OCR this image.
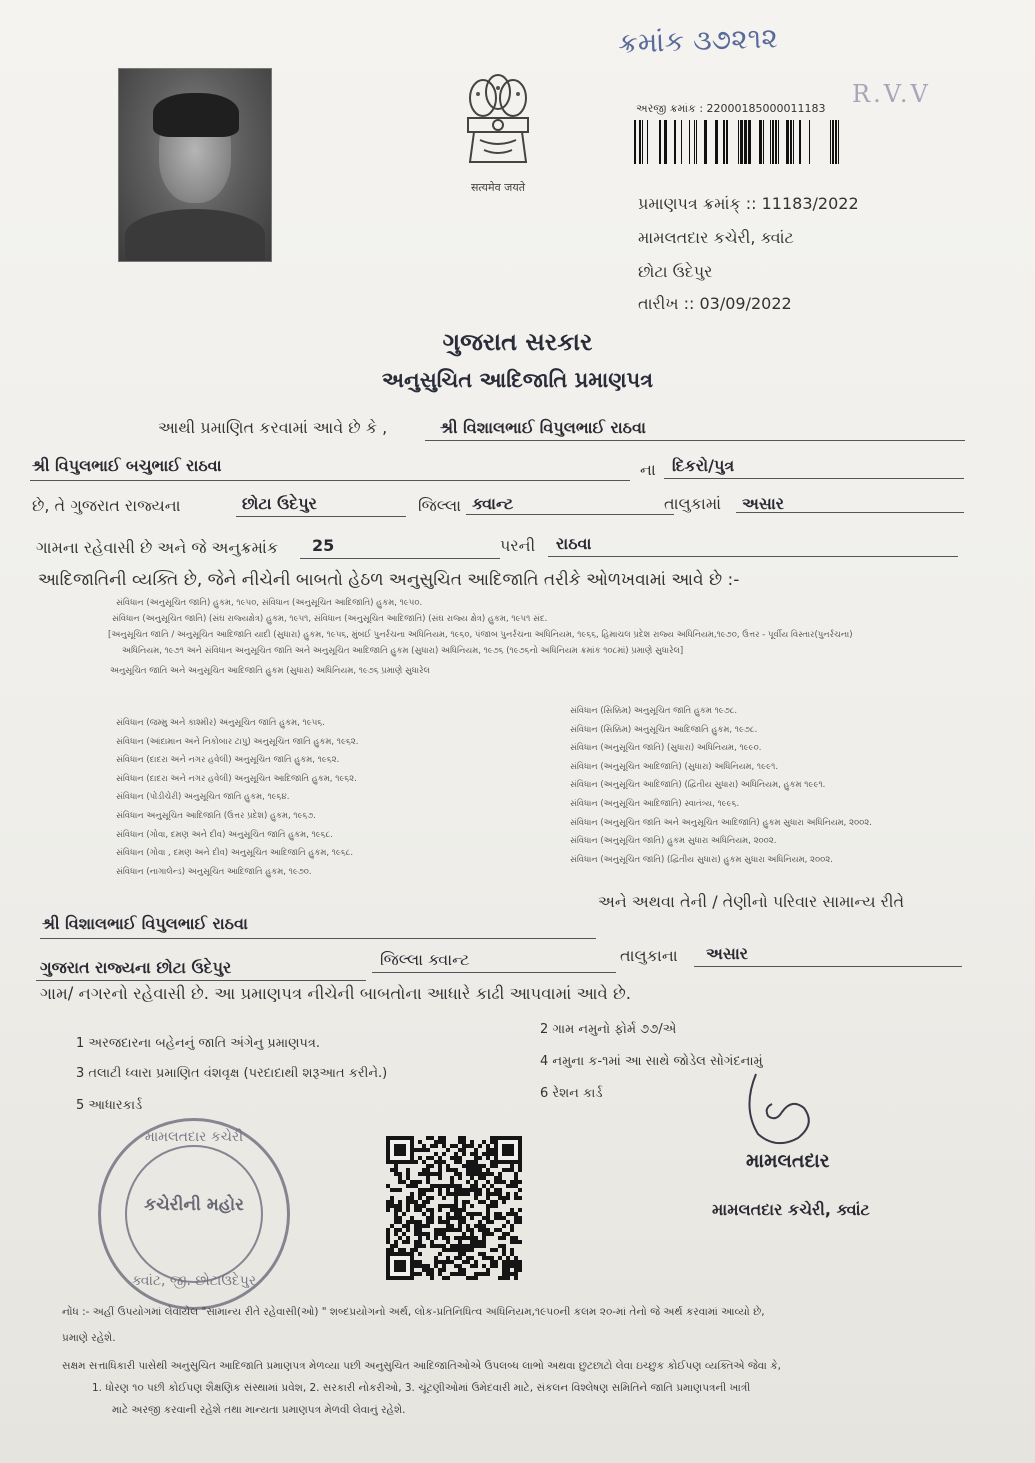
ક્રમાંક ૩૭૨૧૨
R.V.V
सत्यमेव जयते
અરજી ક્રમાંક : 22000185000011183
પ્રમાણપત્ર ક્રમાંક્ :: 11183/2022
મામલતદાર કચેરી, ક્વાંટ
છોટા ઉદેપુર
તારીખ :: 03/09/2022
ગુજરાત સરકાર
અનુસુચિત આદિજાતિ પ્રમાણપત્ર
આથી પ્રમાણિત કરવામાં આવે છે કે ,	શ્રી વિશાલભાઈ વિપુલભાઈ રાઠવા
શ્રી વિપુલભાઈ બચુભાઈ રાઠવા	ના દિકરો/પુત્ર
છે, તે ગુજરાત રાજ્યના	છોટા ઉદેપુર	જિલ્લા ક્વાન્ટ	તાલુકામાં અસાર
ગામના રહેવાસી છે અને જે અનુક્રમાંક 25	પરની રાઠવા
આદિજાતિની વ્યક્તિ છે, જેને નીચેની બાબતો હેઠળ અનુસુચિત આદિજાતિ તરીકે ઓળખવામાં આવે છે :-
સંવિધાન (અનુસૂચિત જાતિ) હુકમ, ૧૯૫૦, સંવિધાન (અનુસૂચિત આદિજાતિ) હુકમ, ૧૯૫૦.
સંવિધાન (અનુસૂચિત જાતિ) (સંઘ રાજ્યક્ષેત્ર) હુકમ, ૧૯૫૧, સંવિધાન (અનુસૂચિત આદિજાતિ) (સંઘ રાજ્ય ક્ષેત્ર) હુકમ, ૧૯૫૧ સંદ.
[અનુસૂચિત જાતિ / અનુસૂચિત આદિજાતિ યાદી (સુધારા) હુકમ, ૧૯૫૬, મુંબઈ પુનર્રચના અધિનિયમ, ૧૯૬૦, પંજાબ પુનર્રચના અધિનિયમ, ૧૯૬૬, હિમાચલ પ્રદેશ રાજ્ય અધિનિયમ,૧૯૭૦, ઉત્તર - પૂર્વીય વિસ્તાર(પુનર્રચના)
અધિનિયમ, ૧૯૭૧ અને સંવિધાન અનુસૂચિત જાતિ અને અનુસૂચિત આદિજાતિ હુકમ (સુધારા) અધિનિયમ, ૧૯૭૬ (૧૯૭૬નો અધિનિયમ ક્રમાંક ૧૦૮માં) પ્રમાણે સુધારેલ]
અનુસૂચિત જાતિ અને અનુસૂચિત આદિજાતિ હુકમ (સુધારા) અધિનિયમ, ૧૯૭૬ પ્રમાણે સુધારેલ
સંવિધાન (જમ્મુ અને કાશ્મીર) અનુસૂચિત જાતિ હુકમ, ૧૯૫૬.
સંવિધાન (આંદામાન અને નિકોબાર ટાપુ) અનુસૂચિત જાતિ હુકમ, ૧૯૬૨.
સંવિધાન (દાદરા અને નગર હવેલી) અનુસૂચિત જાતિ હુકમ, ૧૯૬૨.
સંવિધાન (દાદરા અને નગર હવેલી) અનુસૂચિત આદિજાતિ હુકમ, ૧૯૬૨.
સંવિધાન (પોંડીચેરી) અનુસૂચિત જાતિ હુકમ, ૧૯૬૪.
સંવિધાન અનુસૂચિત આદિજાતિ (ઉત્તર પ્રદેશ) હુકમ, ૧૯૬૭.
સંવિધાન (ગોવા, દમણ અને દીવ) અનુસૂચિત જાતિ હુકમ, ૧૯૬૮.
સંવિધાન (ગોવા , દમણ અને દીવ) અનુસૂચિત આદિજાતિ હુકમ, ૧૯૬૮.
સંવિધાન (નાગાલેન્ડ) અનુસૂચિત આદિજાતિ હુકમ, ૧૯૭૦.
સંવિધાન (સિક્કિમ) અનુસૂચિત જાતિ હુકમ ૧૯૭૮.
સંવિધાન (સિક્કિમ) અનુસૂચિત આદિજાતિ હુકમ, ૧૯૭૮.
સંવિધાન (અનુસૂચિત જાતિ) (સુધારા) અધિનિયમ, ૧૯૯૦.
સંવિધાન (અનુસૂચિત આદિજાતિ) (સુધારા) અધિનિયમ, ૧૯૯૧.
સંવિધાન (અનુસૂચિત આદિજાતિ) (દ્વિતીય સુધારા) અધિનિયમ, હુકમ ૧૯૯૧.
સંવિધાન (અનુસૂચિત આદિજાતિ) સ્વાતંત્ર્ય, ૧૯૯૬.
સંવિધાન (અનુસૂચિત જાતિ અને અનુસૂચિત આદિજાતિ) હુકમ સુધારા અધિનિયમ, ૨૦૦૨.
સંવિધાન (અનુસૂચિત જાતિ) હુકમ સુધારા અધિનિયમ, ૨૦૦૨.
સંવિધાન (અનુસૂચિત જાતિ) (દ્વિતીય સુધારા) હુકમ સુધારા અધિનિયમ, ૨૦૦૨.
અને અથવા તેની / તેણીનો પરિવાર સામાન્ય રીતે
શ્રી વિશાલભાઈ વિપુલભાઈ રાઠવા
ગુજરાત રાજ્યના છોટા ઉદેપુર	જિલ્લા ક્વાન્ટ	તાલુકાના અસાર
ગામ/ નગરનો રહેવાસી છે. આ પ્રમાણપત્ર નીચેની બાબતોના આધારે કાઢી આપવામાં આવે છે.
1 અરજદારના બહેનનું જાતિ અંગેનુ પ્રમાણપત્ર.
3 તલાટી ધ્વારા પ્રમાણિત વંશવૃક્ષ (પરદાદાથી શરૂઆત કરીને.)
5 આધારકાર્ડ
2 ગામ નમુનો ફોર્મ ૭૭/એ
4 નમુના ક-૧માં આ સાથે જોડેલ સોગંદનામું
6 રેશન કાર્ડ
મામલતદાર કચેરી
કચેરીની મહોર
ક્વાંટ, જી. છોટાઉદેપુર
મામલતદાર
મામલતદાર કચેરી, ક્વાંટ
નોંધ :- અહીં ઉપયોગમાં લેવાયેલ "સામાન્ય રીતે રહેવાસી(ઓ) " શબ્દપ્રયોગનો અર્થ, લોક-પ્રતિનિધિત્વ અધિનિયમ,૧૯૫૦ની કલમ ૨૦-માં તેનો જે અર્થ કરવામાં આવ્યો છે,
પ્રમાણે રહેશે.
સક્ષમ સત્તાધિકારી પાસેથી અનુસુચિત આદિજાતિ પ્રમાણપત્ર મેળવ્યા પછી અનુસુચિત આદિજાતિઓએ ઉપલબ્ધ લાભો અથવા છુટછાટો લેવા ઇચ્છુક કોઈપણ વ્યક્તિએ જેવા કે,
1. ધોરણ ૧૦ પછી કોઈપણ શૈક્ષણિક સંસ્થામાં પ્રવેશ, 2. સરકારી નોકરીઓ, 3. ચૂંટણીઓમાં ઉમેદવારી માટે, સંકલન વિશ્લેષણ સમિતિને જાતિ પ્રમાણપત્રની ખાત્રી
માટે અરજી કરવાની રહેશે તથા માન્યતા પ્રમાણપત્ર મેળવી લેવાનું રહેશે.
